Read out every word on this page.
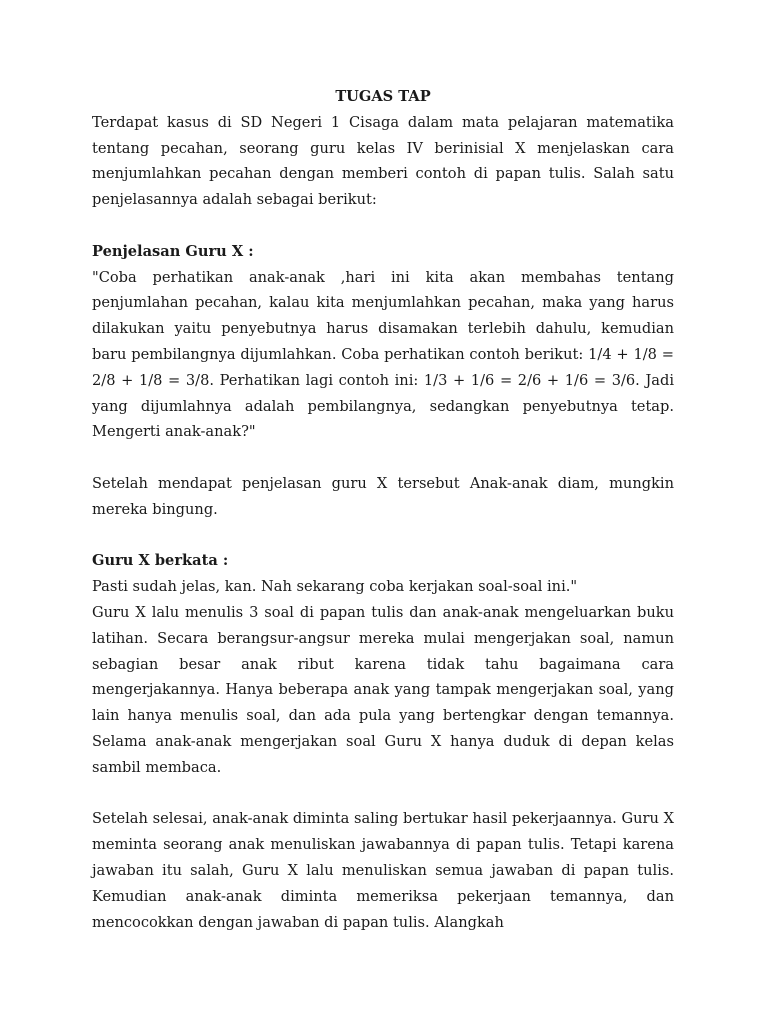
TUGAS TAP

Terdapat kasus di SD Negeri 1 Cisaga dalam mata pelajaran matematika tentang pecahan, seorang guru kelas IV berinisial X menjelaskan cara menjumlahkan pecahan dengan memberi contoh di papan tulis. Salah satu penjelasannya adalah sebagai berikut:

Penjelasan Guru X :

"Coba perhatikan anak-anak ,hari ini kita akan membahas tentang penjumlahan pecahan, kalau kita menjumlahkan pecahan, maka yang harus dilakukan yaitu penyebutnya harus disamakan terlebih dahulu, kemudian baru pembilangnya dijumlahkan. Coba perhatikan contoh berikut: 1/4 + 1/8 = 2/8 + 1/8 = 3/8. Perhatikan lagi contoh ini: 1/3 + 1/6 = 2/6 + 1/6 = 3/6. Jadi yang dijumlahnya adalah pembilangnya, sedangkan penyebutnya tetap. Mengerti anak-anak?"

Setelah mendapat penjelasan guru X tersebut Anak-anak diam, mungkin mereka bingung.

Guru X berkata :

Pasti sudah jelas, kan. Nah sekarang coba kerjakan soal-soal ini."

Guru X lalu menulis 3 soal di papan tulis dan anak-anak mengeluarkan buku latihan. Secara berangsur-angsur mereka mulai mengerjakan soal, namun sebagian besar anak ribut karena tidak tahu bagaimana cara mengerjakannya. Hanya beberapa anak yang tampak mengerjakan soal, yang lain hanya menulis soal, dan ada pula yang bertengkar dengan temannya. Selama anak-anak mengerjakan soal Guru X hanya duduk di depan kelas sambil membaca.

Setelah selesai, anak-anak diminta saling bertukar hasil pekerjaannya. Guru X meminta seorang anak menuliskan jawabannya di papan tulis. Tetapi karena jawaban itu salah, Guru X lalu menuliskan semua jawaban di papan tulis. Kemudian anak-anak diminta memeriksa pekerjaan temannya, dan mencocokkan dengan jawaban di papan tulis. Alangkah
